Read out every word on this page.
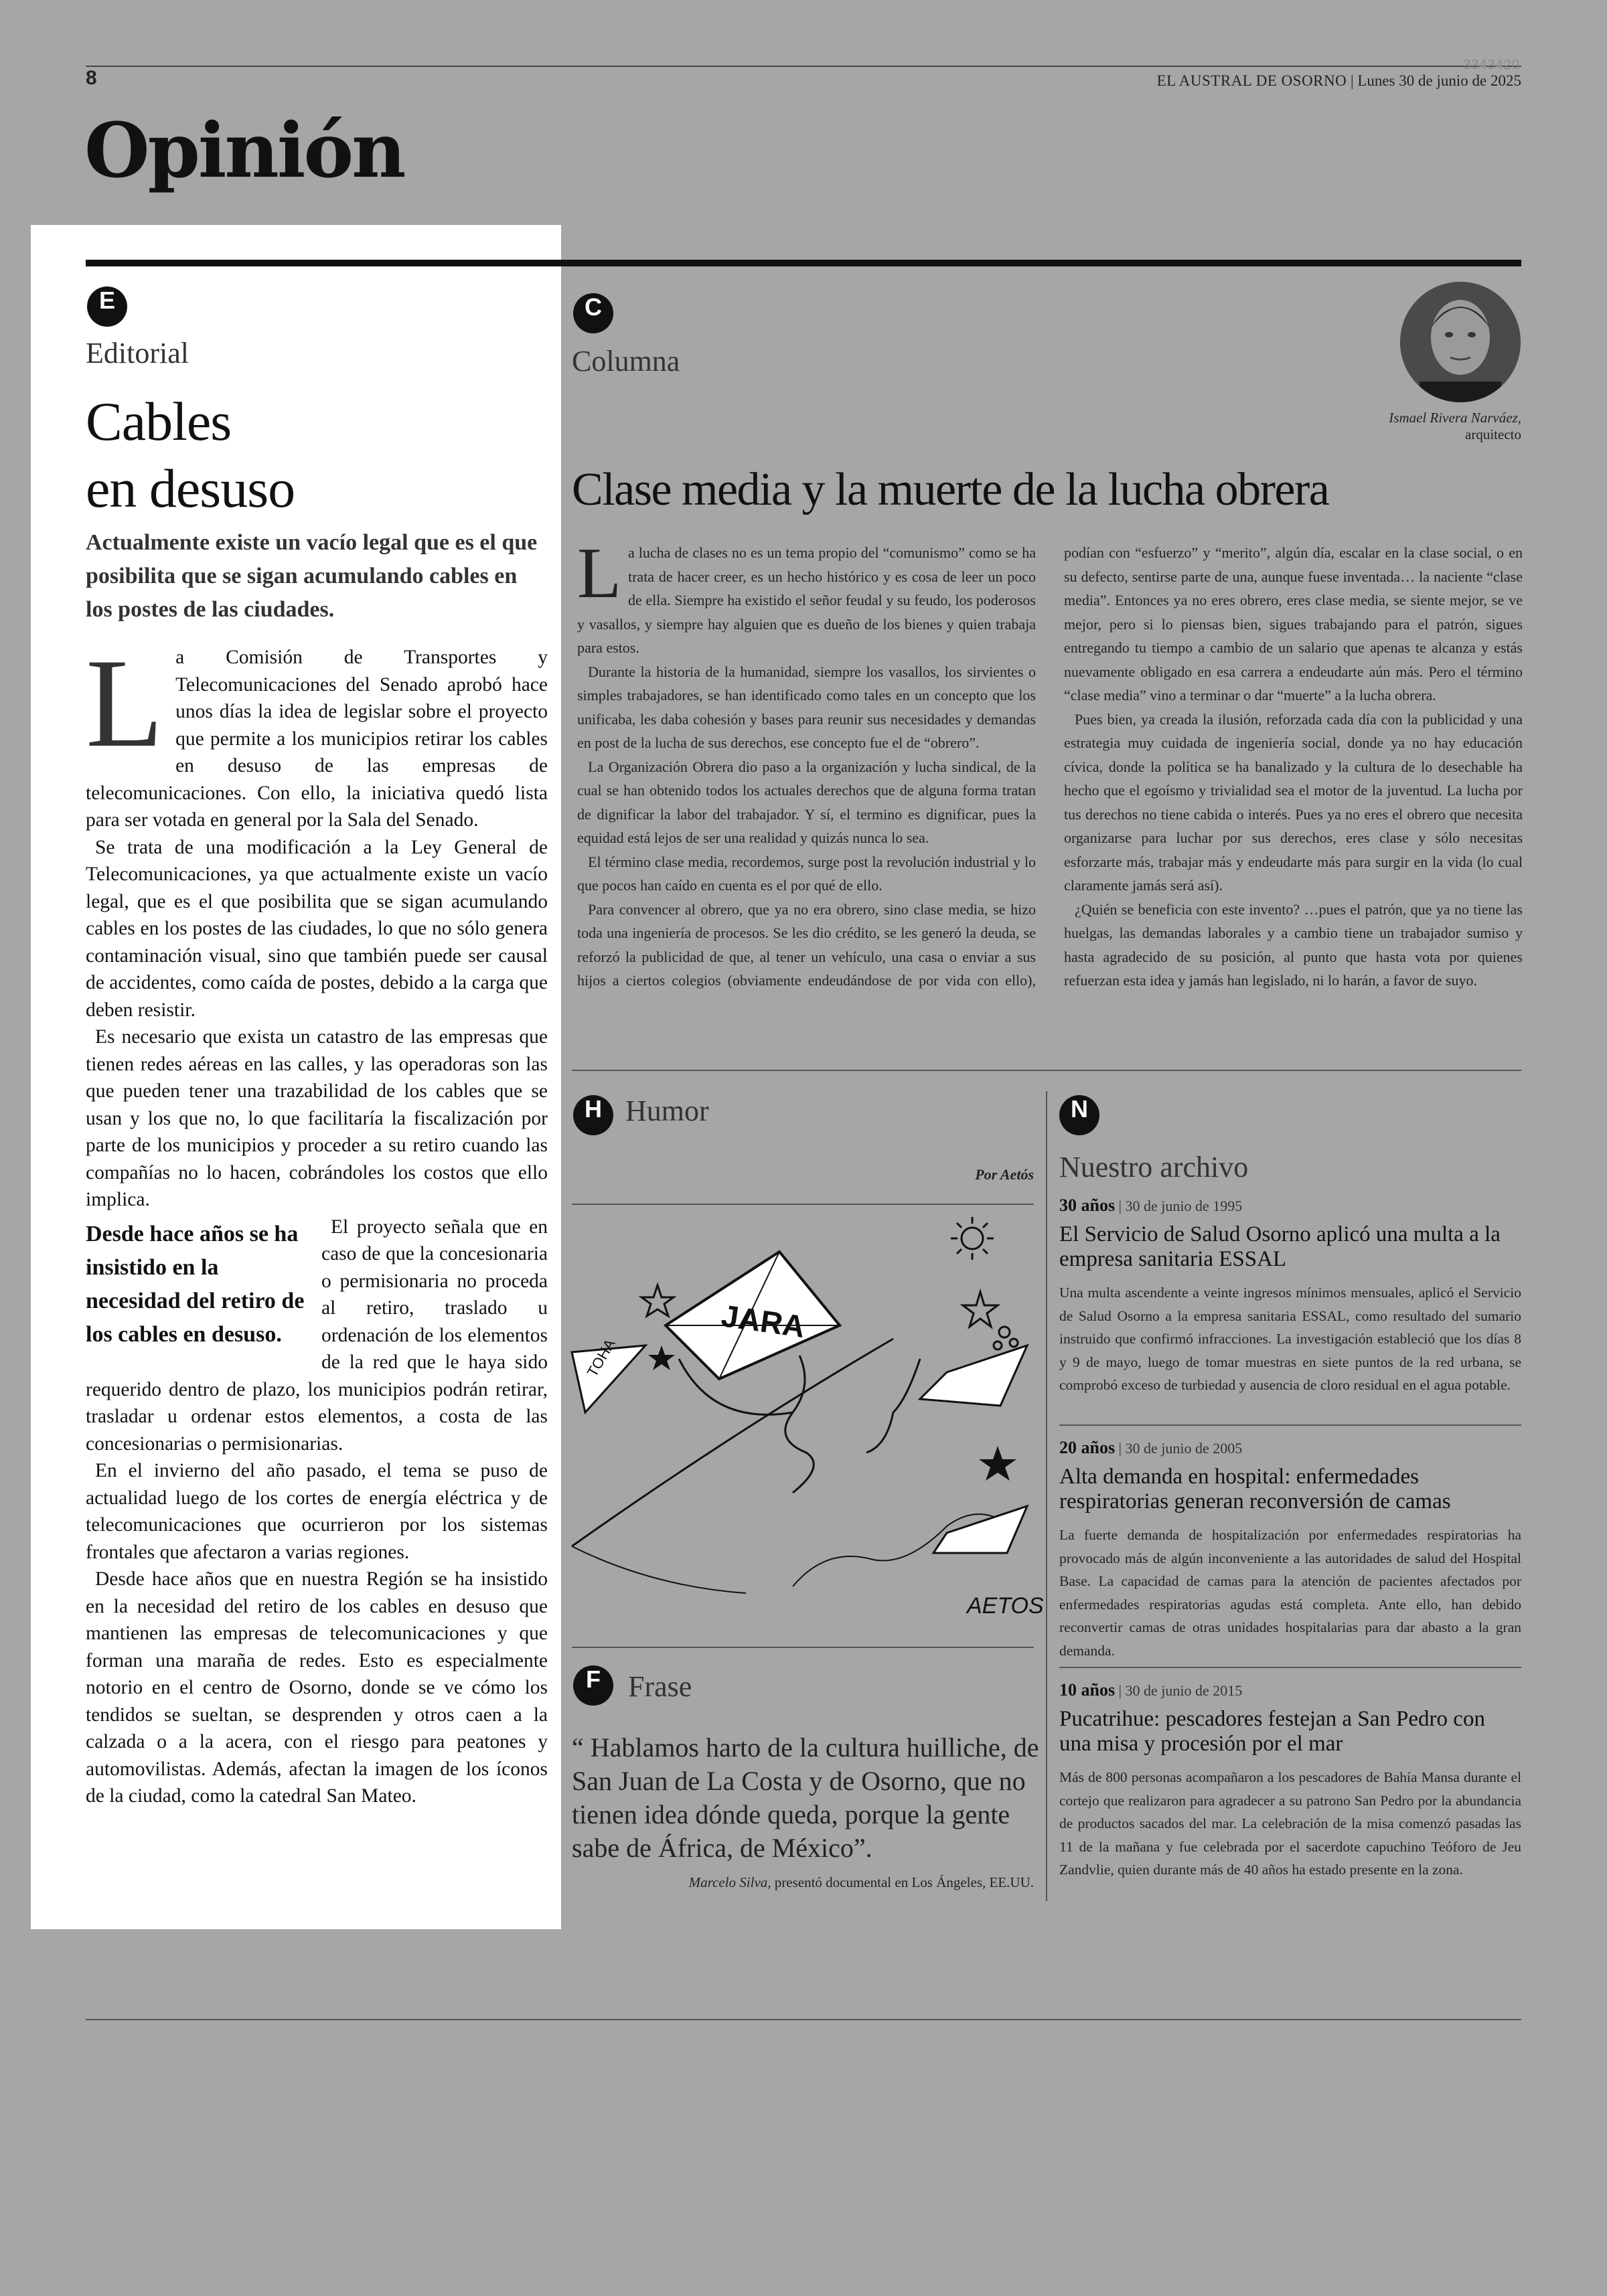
8
3343420
EL AUSTRAL DE OSORNO | Lunes 30 de junio de 2025
Opinión
E
Editorial
Cables
en desuso
Actualmente existe un vacío legal que es el que posibilita que se sigan acumulando cables en los postes de las ciudades.
L a Comisión de Transportes y Telecomunicaciones del Senado aprobó hace unos días la idea de legislar sobre el proyecto que permite a los municipios retirar los cables en desuso de las empresas de telecomunicaciones. Con ello, la iniciativa quedó lista para ser votada en general por la Sala del Senado.

Se trata de una modificación a la Ley General de Telecomunicaciones, ya que actualmente existe un vacío legal, que es el que posibilita que se sigan acumulando cables en los postes de las ciudades, lo que no sólo genera contaminación visual, sino que también puede ser causal de accidentes, como caída de postes, debido a la carga que deben resistir.

Es necesario que exista un catastro de las empresas que tienen redes aéreas en las calles, y las operadoras son las que pueden tener una trazabilidad de los cables que se usan y los que no, lo que facilitaría la fiscalización por parte de los municipios y proceder a su retiro cuando las compañías no lo hacen, cobrándoles los costos que ello implica.

Desde hace años se ha insistido en la necesidad del retiro de los cables en desuso.

El proyecto señala que en caso de que la concesionaria o permisionaria no proceda al retiro, traslado u ordenación de los elementos de la red que le haya sido requerido dentro de plazo, los municipios podrán retirar, trasladar u ordenar estos elementos, a costa de las concesionarias o permisionarias.

En el invierno del año pasado, el tema se puso de actualidad luego de los cortes de energía eléctrica y de telecomunicaciones que ocurrieron por los sistemas frontales que afectaron a varias regiones.

Desde hace años que en nuestra Región se ha insistido en la necesidad del retiro de los cables en desuso que mantienen las empresas de telecomunicaciones y que forman una maraña de redes. Esto es especialmente notorio en el centro de Osorno, donde se ve cómo los tendidos se sueltan, se desprenden y otros caen a la calzada o a la acera, con el riesgo para peatones y automovilistas. Además, afectan la imagen de los íconos de la ciudad, como la catedral San Mateo.

C
Columna
Ismael Rivera Narváez,
arquitecto
Clase media y la muerte de la lucha obrera
L a lucha de clases no es un tema propio del “comunismo” como se ha trata de hacer creer, es un hecho histórico y es cosa de leer un poco de ella. Siempre ha existido el señor feudal y su feudo, los poderosos y vasallos, y siempre hay alguien que es dueño de los bienes y quien trabaja para estos.

Durante la historia de la humanidad, siempre los vasallos, los sirvientes o simples trabajadores, se han identificado como tales en un concepto que los unificaba, les daba cohesión y bases para reunir sus necesidades y demandas en post de la lucha de sus derechos, ese concepto fue el de “obrero”.

La Organización Obrera dio paso a la organización y lucha sindical, de la cual se han obtenido todos los actuales derechos que de alguna forma tratan de dignificar la labor del trabajador. Y sí, el termino es dignificar, pues la equidad está lejos de ser una realidad y quizás nunca lo sea.

El término clase media, recordemos, surge post la revolución industrial y lo que pocos han caído en cuenta es el por qué de ello.

Para convencer al obrero, que ya no era obrero, sino clase media, se hizo toda una ingeniería de procesos. Se les dio crédito, se les generó la deuda, se reforzó la publicidad de que, al tener un vehículo, una casa o enviar a sus hijos a ciertos colegios (obviamente endeudándose de por vida con ello), podían con “esfuerzo” y “merito”, algún día, escalar en la clase social, o en su defecto, sentirse parte de una, aunque fuese inventada… la naciente “clase media”. Entonces ya no eres obrero, eres clase media, se siente mejor, se ve mejor, pero si lo piensas bien, sigues trabajando para el patrón, sigues entregando tu tiempo a cambio de un salario que apenas te alcanza y estás nuevamente obligado en esa carrera a endeudarte aún más. Pero el término “clase media” vino a terminar o dar “muerte” a la lucha obrera.

Pues bien, ya creada la ilusión, reforzada cada día con la publicidad y una estrategia muy cuidada de ingeniería social, donde ya no hay educación cívica, donde la política se ha banalizado y la cultura de lo desechable ha hecho que el egoísmo y trivialidad sea el motor de la juventud. La lucha por tus derechos no tiene cabida o interés. Pues ya no eres el obrero que necesita organizarse para luchar por sus derechos, eres clase y sólo necesitas esforzarte más, trabajar más y endeudarte más para surgir en la vida (lo cual claramente jamás será así).

¿Quién se beneficia con este invento? …pues el patrón, que ya no tiene las huelgas, las demandas laborales y a cambio tiene un trabajador sumiso y hasta agradecido de su posición, al punto que hasta vota por quienes refuerzan esta idea y jamás han legislado, ni lo harán, a favor de suyo.

H Humor
Por Aetós
JARA
TOHA
AETOS
F Frase
“ Hablamos harto de la cultura huilliche, de San Juan de La Costa y de Osorno, que no tienen idea dónde queda, porque la gente sabe de África, de México”.
Marcelo Silva, presentó documental en Los Ángeles, EE.UU.
N
Nuestro archivo
30 años | 30 de junio de 1995
El Servicio de Salud Osorno aplicó una multa a la empresa sanitaria ESSAL
Una multa ascendente a veinte ingresos mínimos mensuales, aplicó el Servicio de Salud Osorno a la empresa sanitaria ESSAL, como resultado del sumario instruido que confirmó infracciones. La investigación estableció que los días 8 y 9 de mayo, luego de tomar muestras en siete puntos de la red urbana, se comprobó exceso de turbiedad y ausencia de cloro residual en el agua potable.
20 años | 30 de junio de 2005
Alta demanda en hospital: enfermedades respiratorias generan reconversión de camas
La fuerte demanda de hospitalización por enfermedades respiratorias ha provocado más de algún inconveniente a las autoridades de salud del Hospital Base. La capacidad de camas para la atención de pacientes afectados por enfermedades respiratorias agudas está completa. Ante ello, han debido reconvertir camas de otras unidades hospitalarias para dar abasto a la gran demanda.
10 años | 30 de junio de 2015
Pucatrihue: pescadores festejan a San Pedro con una misa y procesión por el mar
Más de 800 personas acompañaron a los pescadores de Bahía Mansa durante el cortejo que realizaron para agradecer a su patrono San Pedro por la abundancia de productos sacados del mar. La celebración de la misa comenzó pasadas las 11 de la mañana y fue celebrada por el sacerdote capuchino Teóforo de Jeu Zandvlie, quien durante más de 40 años ha estado presente en la zona.
